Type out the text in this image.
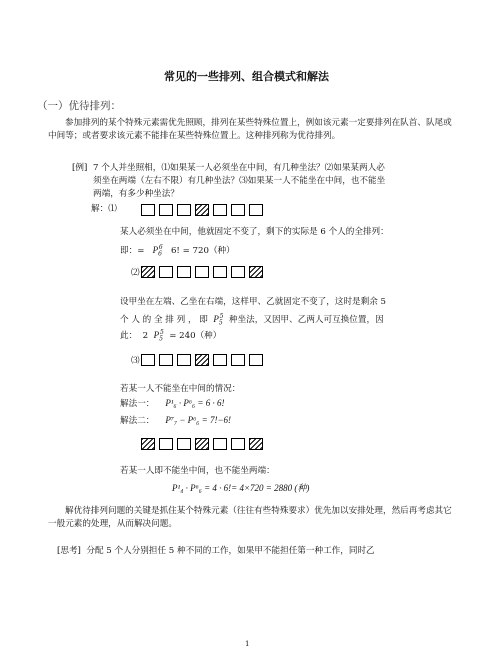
常见的一些排列、组合模式和解法
（一）优待排列：
参加排列的某个特殊元素需优先照顾，排列在某些特殊位置上，例如该元素一定要排列在队首、队尾或中间等；或者要求该元素不能排在某些特殊位置上。这种排列称为优待排列。
[例] 7 个人并坐照相，⑴如果某一人必须坐在中间，有几种坐法？⑵如果某两人必
须坐在两端（左右不限）有几种坐法？⑶如果某一人不能坐在中间，也不能坐
两端，有多少种坐法？
解：⑴
某人必须坐在中间，他就固定不变了，剩下的实际是 6 个人的全排列：
即：= $P_6^6$ 6! = 720（种）
⑵
设甲坐在左端、乙坐在右端，这样甲、乙就固定不变了，这时是剩余 5
个 人 的 全 排 列 ， 即 $P_5^5$ 种坐法，又因甲、乙两人可互换位置，因
此： 2 $P_5^5 = 240$（种）
⑶
若某一人不能坐在中间的情况：
解法一： P¹₆ · P⁶₆ = 6 · 6!
解法二： P⁷₇ − P⁶₆ = 7!−6!
若某一人即不能坐中间，也不能坐两端：
P¹₄ · P⁶₆ = 4 · 6!= 4×720 = 2880 (种)
解优待排列问题的关键是抓住某个特殊元素（往往有些特殊要求）优先加以安排处理，然后再考虑其它一般元素的处理，从而解决问题。
[思考] 分配 5 个人分别担任 5 种不同的工作，如果甲不能担任第一种工作，同时乙
1
